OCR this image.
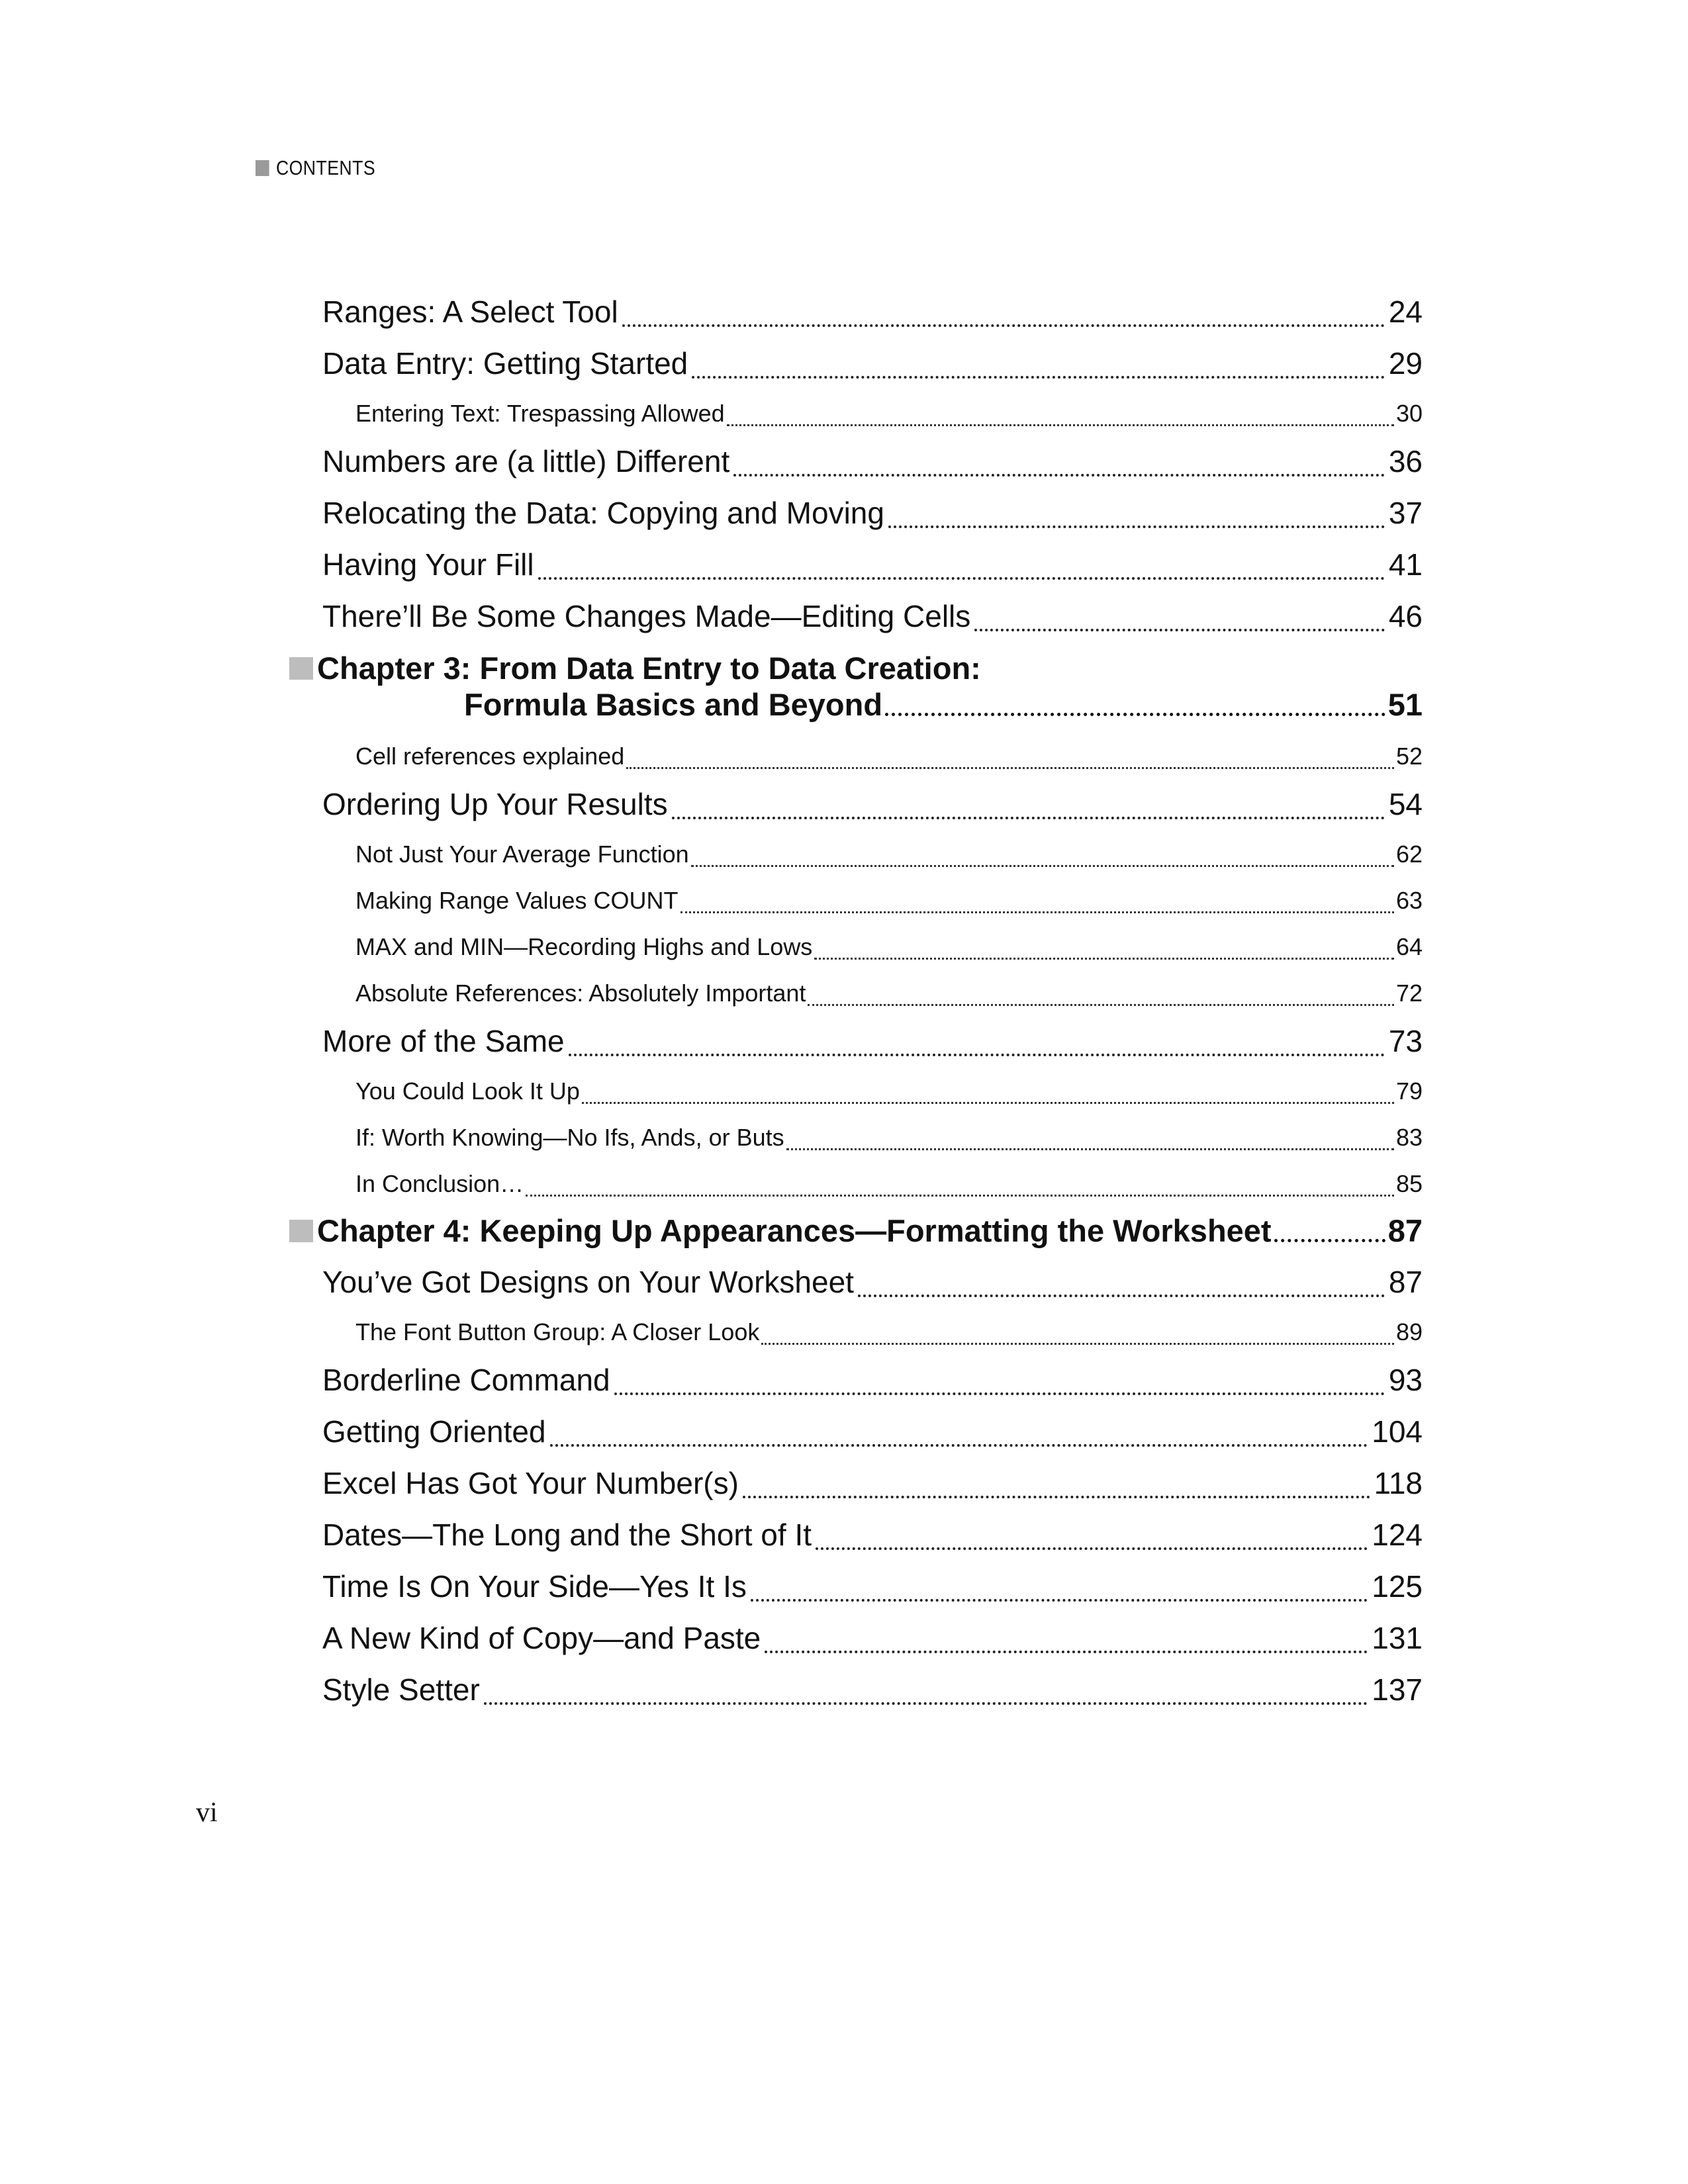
CONTENTS
Ranges: A Select Tool	24
Data Entry: Getting Started	29
Entering Text: Trespassing Allowed	30
Numbers are (a little) Different	36
Relocating the Data: Copying and Moving	37
Having Your Fill	41
There’ll Be Some Changes Made—Editing Cells	46
Chapter 3: From Data Entry to Data Creation:
Formula Basics and Beyond	51
Cell references explained	52
Ordering Up Your Results	54
Not Just Your Average Function	62
Making Range Values COUNT	63
MAX and MIN—Recording Highs and Lows	64
Absolute References: Absolutely Important	72
More of the Same	73
You Could Look It Up	79
If: Worth Knowing—No Ifs, Ands, or Buts	83
In Conclusion…	85
Chapter 4: Keeping Up Appearances—Formatting the Worksheet	87
You’ve Got Designs on Your Worksheet	87
The Font Button Group: A Closer Look	89
Borderline Command	93
Getting Oriented	104
Excel Has Got Your Number(s)	118
Dates—The Long and the Short of It	124
Time Is On Your Side—Yes It Is	125
A New Kind of Copy—and Paste	131
Style Setter	137
vi
